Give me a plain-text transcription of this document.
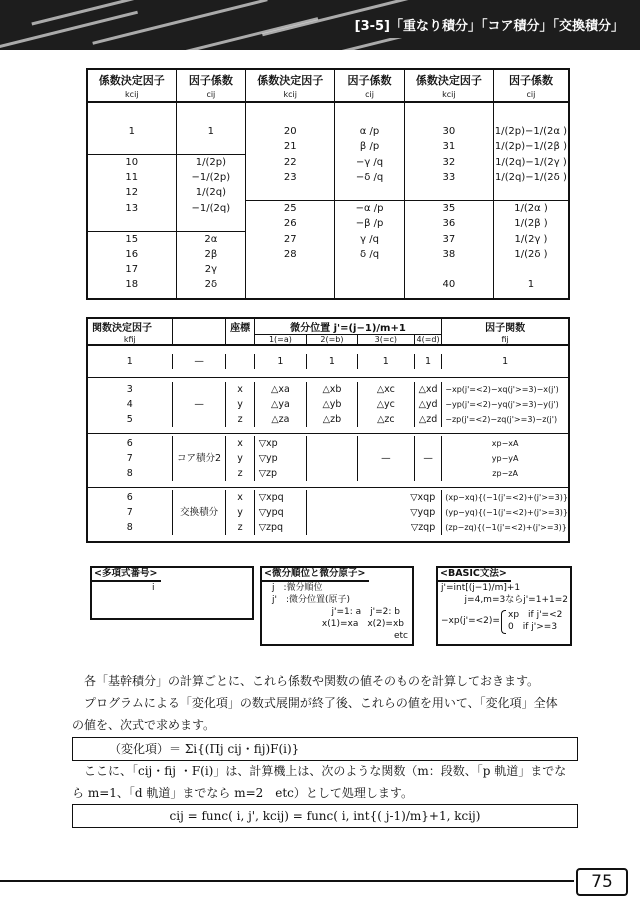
[3-5]「重なり積分」「コア積分」「交換積分」
係数決定因子	因子係数	係数決定因子	因子係数	係数決定因子	因子係数
kcij	cij	kcij	cij	kcij	cij

1	1	20	α /p	30	1/(2p)−1/(2α )
		21	β /p	31	1/(2p)−1/(2β )
10	1/(2p)	22	−γ /q	32	1/(2q)−1/(2γ )
11	−1/(2p)	23	−δ /q	33	1/(2q)−1/(2δ )
12	1/(2q)				
13	−1/(2q)	25	−α /p	35	1/(2α )
		26	−β /p	36	1/(2β )
15	2α	27	γ /q	37	1/(2γ )
16	2β	28	δ /q	38	1/(2δ )
17	2γ				
18	2δ			40	1

関数決定因子		座標	微分位置 j'=(j−1)/m+1				因子関数
kfij			1(=a)	2(=b)	3(=c)	4(=d)	fij

1	—		1	1	1	1	1

3		x	△xa	△xb	△xc	△xd	−xp(j'=<2)−xq(j'>=3)−x(j')
4	—	y	△ya	△yb	△yc	△yd	−yp(j'=<2)−yq(j'>=3)−y(j')
5		z	△za	△zb	△zc	△zd	−zp(j'=<2)−zq(j'>=3)−z(j')

6		x	▽xp				xp−xA
7	コア積分2	y	▽yp		—	—	yp−yA
8		z	▽zp				zp−zA

6		x	▽xpq	▽xqp			(xp−xq){(−1(j'=<2)+(j'>=3)}
7	交換積分	y	▽ypq	▽yqp			(yp−yq){(−1(j'=<2)+(j'>=3)}
8		z	▽zpq	▽zqp			(zp−zq){(−1(j'=<2)+(j'>=3)}

<多項式番号>
i
<微分順位と微分原子>
j　:微分順位
j'　:微分位置(原子)
j'=1: a　j'=2: b
x(1)=xa　x(2)=xb
etc
<BASIC文法>
j'=int[(j−1)/m]+1
j=4,m=3ならj'=1+1=2
−xp(j'=<2)=
xp　if j'=<2
0　if j'>=3
各「基幹積分」の計算ごとに、これら係数や関数の値そのものを計算しておきます。
プログラムによる「変化項」の数式展開が終了後、これらの値を用いて、「変化項」全体
の値を、次式で求めます。
（変化項）＝ Σi{(Πj cij・fij)F(i)}
ここに、「cij・fij ・F(i)」は、計算機上は、次のような関数（m：段数、「p 軌道」までな
ら m=1、「d 軌道」までなら m=2　etc）として処理します。
cij = func( i, j', kcij) = func( i, int{( j-1)/m}+1, kcij)
75
